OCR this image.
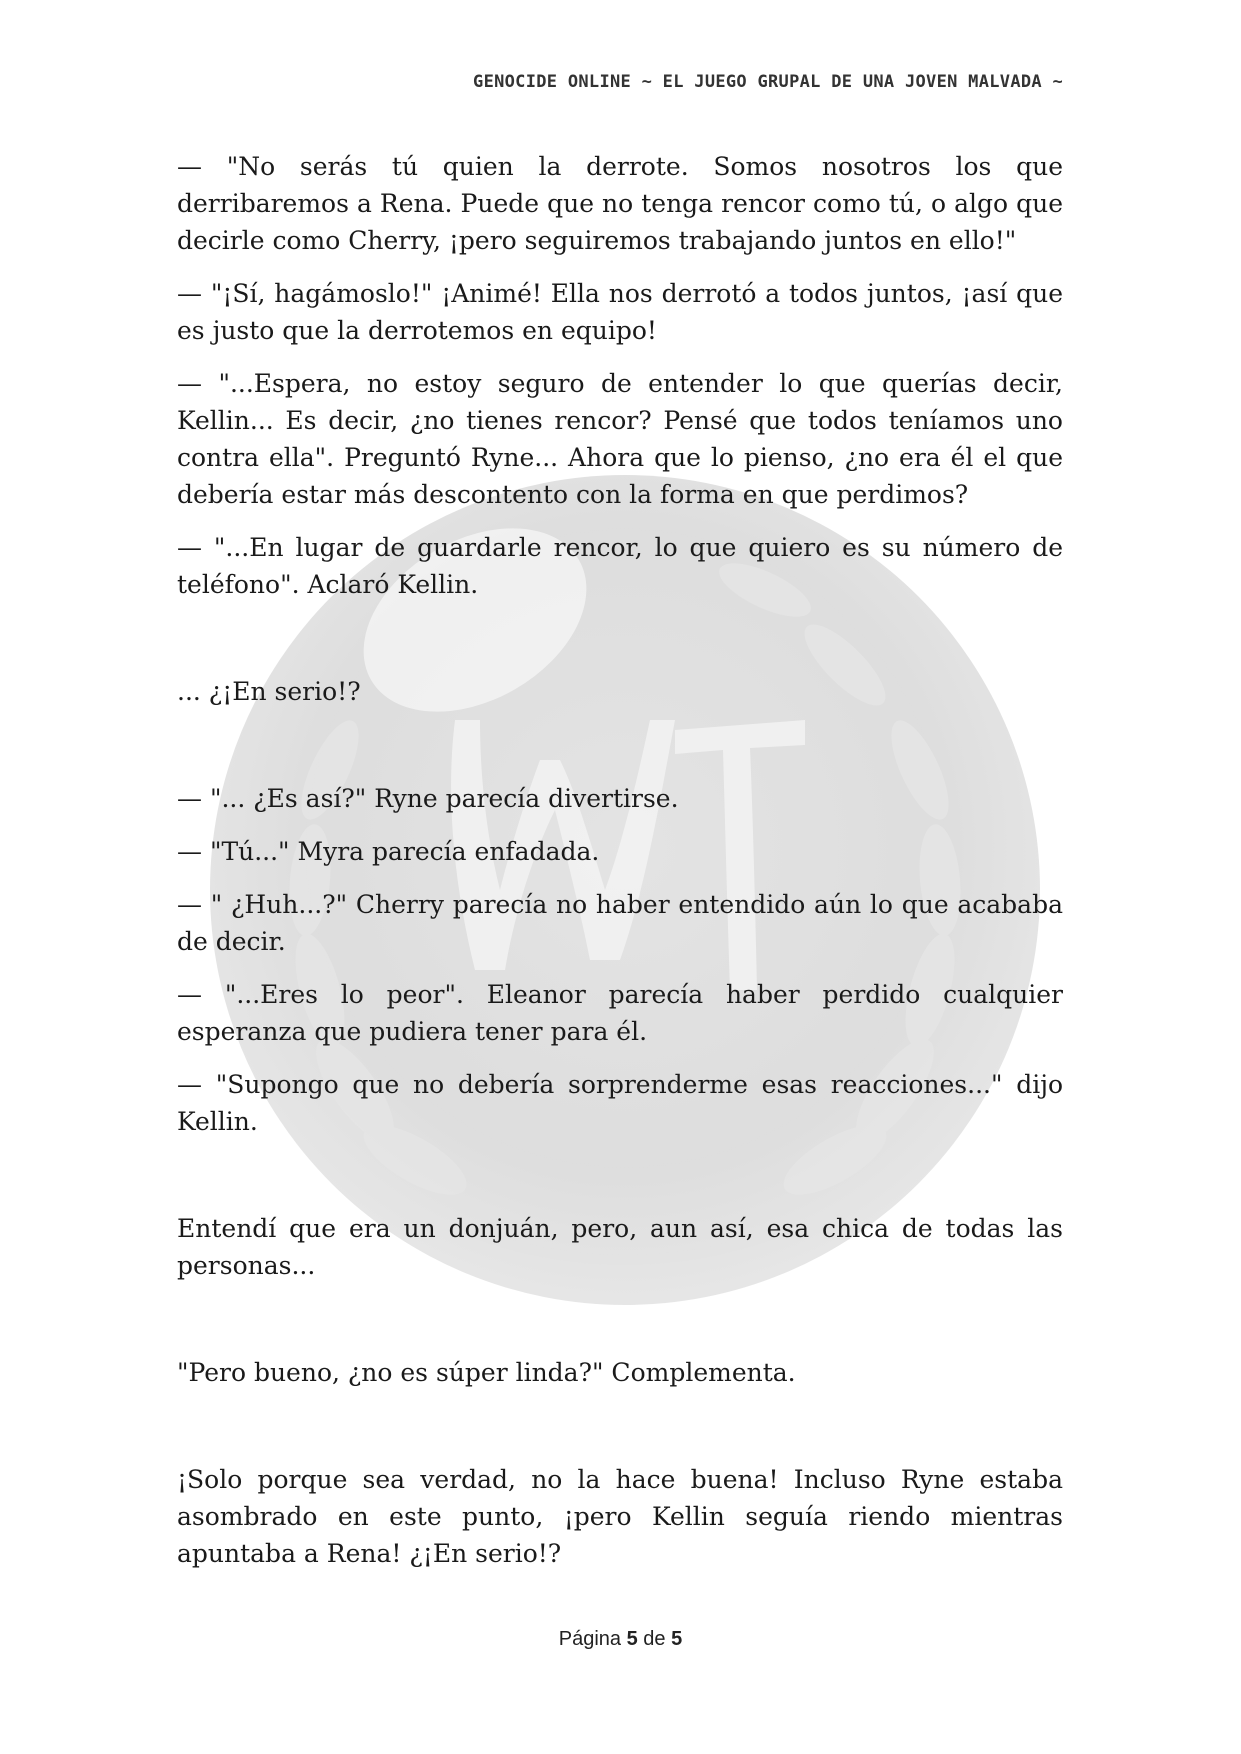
GENOCIDE ONLINE ~ EL JUEGO GRUPAL DE UNA JOVEN MALVADA ~

— "No serás tú quien la derrote. Somos nosotros los que derribaremos a Rena. Puede que no tenga rencor como tú, o algo que decirle como Cherry, ¡pero seguiremos trabajando juntos en ello!"

— "¡Sí, hagámoslo!" ¡Animé! Ella nos derrotó a todos juntos, ¡así que es justo que la derrotemos en equipo!

— "...Espera, no estoy seguro de entender lo que querías decir, Kellin... Es decir, ¿no tienes rencor? Pensé que todos teníamos uno contra ella". Preguntó Ryne... Ahora que lo pienso, ¿no era él el que debería estar más descontento con la forma en que perdimos?

— "...En lugar de guardarle rencor, lo que quiero es su número de teléfono". Aclaró Kellin.

... ¿¡En serio!?

— "... ¿Es así?" Ryne parecía divertirse.

— "Tú..." Myra parecía enfadada.

— " ¿Huh...?" Cherry parecía no haber entendido aún lo que acababa de decir.

— "...Eres lo peor". Eleanor parecía haber perdido cualquier esperanza que pudiera tener para él.

— "Supongo que no debería sorprenderme esas reacciones..." dijo Kellin.

Entendí que era un donjuán, pero, aun así, esa chica de todas las personas...

"Pero bueno, ¿no es súper linda?" Complementa.

¡Solo porque sea verdad, no la hace buena! Incluso Ryne estaba asombrado en este punto, ¡pero Kellin seguía riendo mientras apuntaba a Rena! ¿¡En serio!?

Página 5 de 5
